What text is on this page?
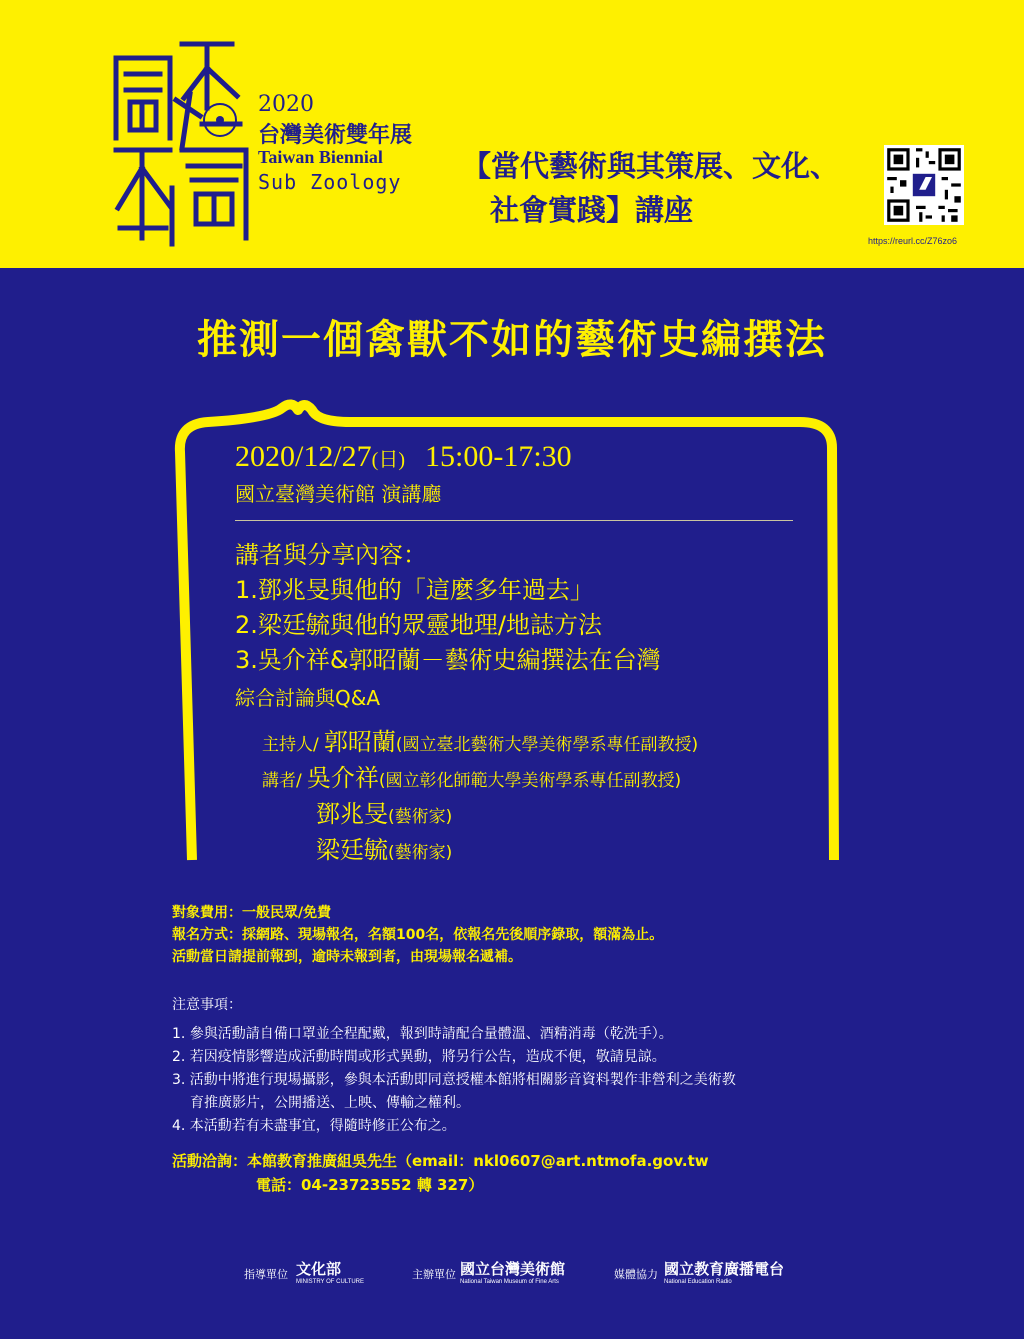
2020
台灣美術雙年展
Taiwan Biennial
Sub Zoology 【當代藝術與其策展、文化、
社會實踐】講座
https://reurl.cc/Z76zo6
推測一個禽獸不如的藝術史編撰法
2020/12/27(日) 15:00-17:30
國立臺灣美術館 演講廳
講者與分享內容：
1.鄧兆旻與他的「這麼多年過去」
2.梁廷毓與他的眾靈地理/地誌方法
3.吳介祥&郭昭蘭－藝術史編撰法在台灣
綜合討論與Q&A
主持人/ 郭昭蘭(國立臺北藝術大學美術學系專任副教授)
講者/ 吳介祥(國立彰化師範大學美術學系專任副教授)
鄧兆旻(藝術家)
梁廷毓(藝術家)
對象費用：一般民眾/免費
報名方式：採網路、現場報名，名額100名，依報名先後順序錄取，額滿為止。
活動當日請提前報到，逾時未報到者，由現場報名遞補。
注意事項：
1. 參與活動請自備口罩並全程配戴，報到時請配合量體溫、酒精消毒（乾洗手）。
2. 若因疫情影響造成活動時間或形式異動，將另行公告，造成不便，敬請見諒。
3. 活動中將進行現場攝影，參與本活動即同意授權本館將相關影音資料製作非營利之美術教
育推廣影片，公開播送、上映、傳輸之權利。
4. 本活動若有未盡事宜，得隨時修正公布之。
活動洽詢：本館教育推廣組吳先生（email：nkl0607@art.ntmofa.gov.tw
電話：04-23723552 轉 327）
指導單位 文化部
MINISTRY OF CULTURE
主辦單位 國立台灣美術館
National Taiwan Museum of Fine Arts
媒體協力 國立教育廣播電台
National Education Radio
